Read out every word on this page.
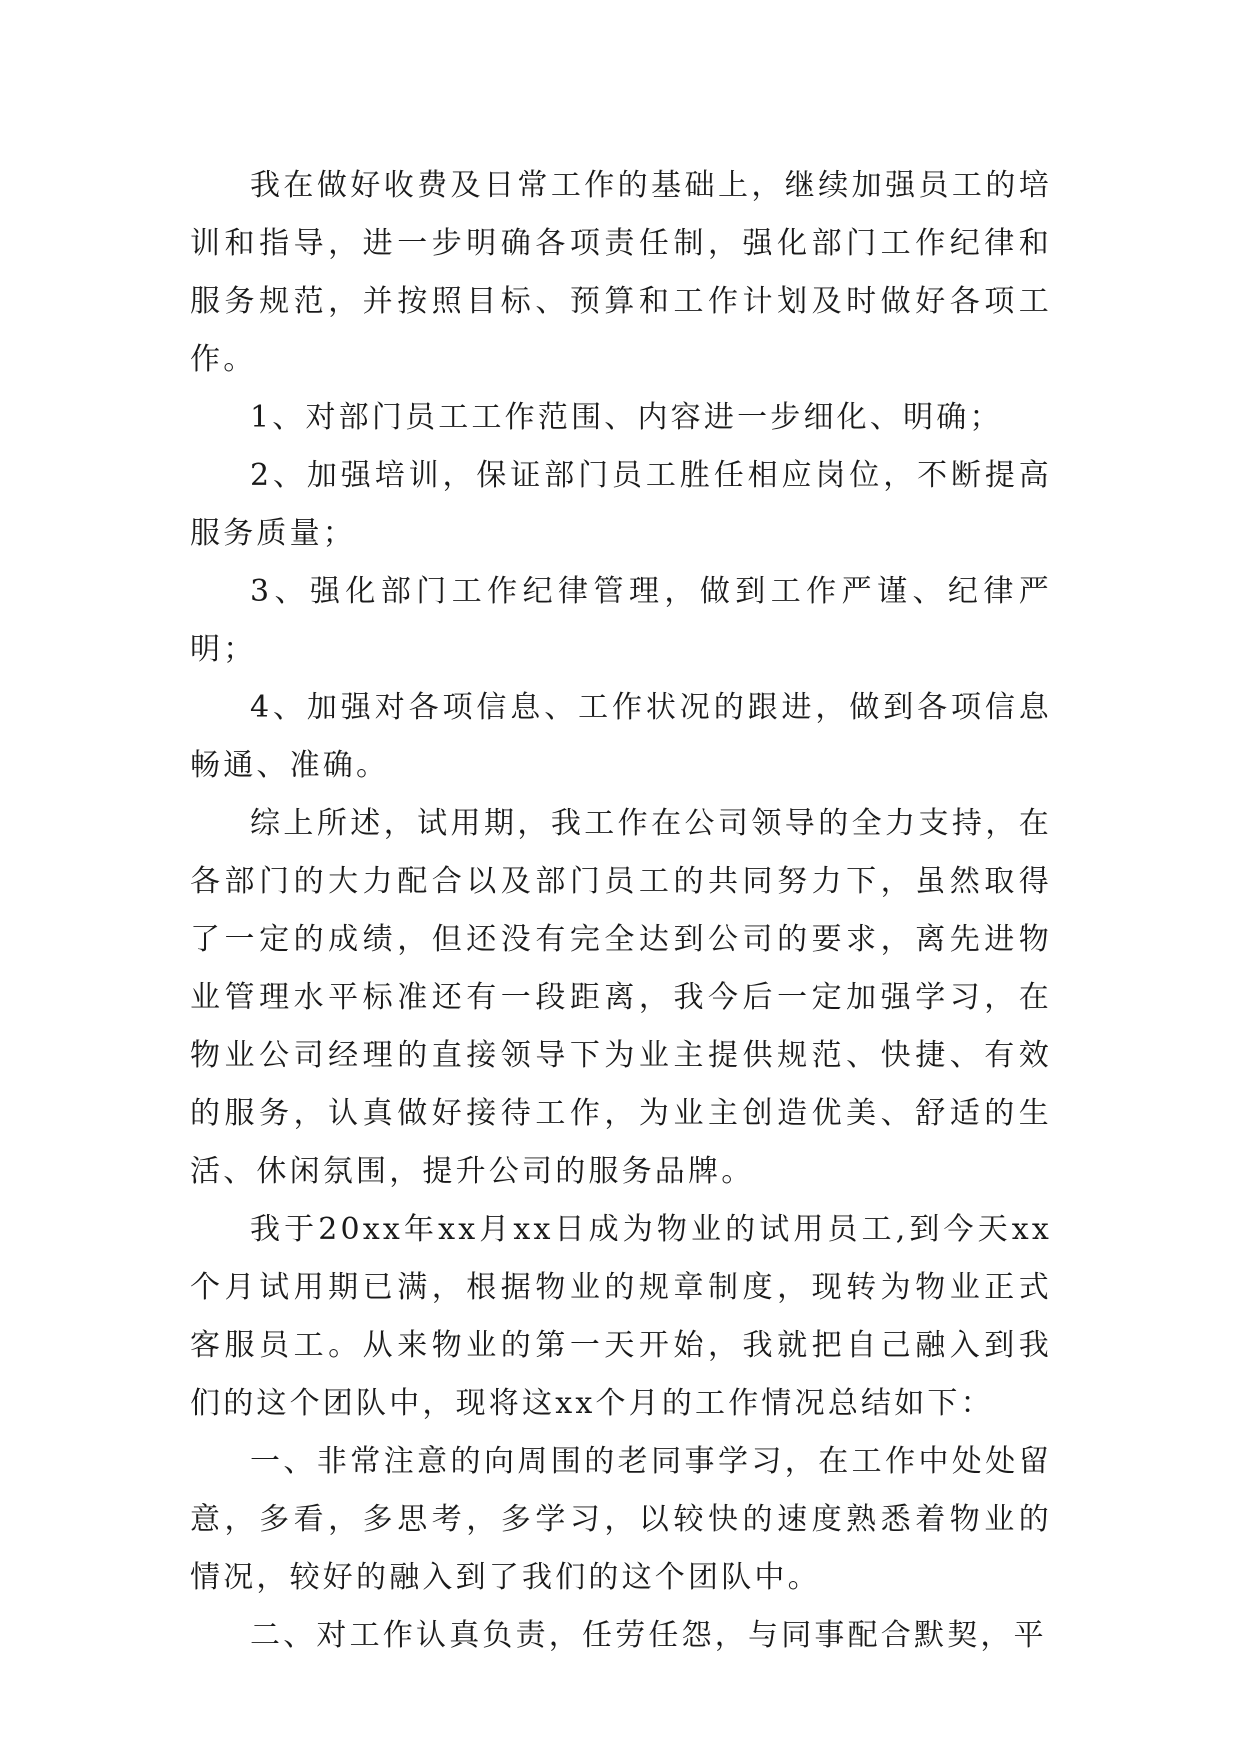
我在做好收费及日常工作的基础上，继续加强员工的培训和指导，进一步明确各项责任制，强化部门工作纪律和服务规范，并按照目标、预算和工作计划及时做好各项工作。

1、对部门员工工作范围、内容进一步细化、明确；

2、加强培训，保证部门员工胜任相应岗位，不断提高服务质量；

3、强化部门工作纪律管理，做到工作严谨、纪律严明；

4、加强对各项信息、工作状况的跟进，做到各项信息畅通、准确。

综上所述，试用期，我工作在公司领导的全力支持，在各部门的大力配合以及部门员工的共同努力下，虽然取得了一定的成绩，但还没有完全达到公司的要求，离先进物业管理水平标准还有一段距离，我今后一定加强学习，在物业公司经理的直接领导下为业主提供规范、快捷、有效的服务，认真做好接待工作，为业主创造优美、舒适的生活、休闲氛围，提升公司的服务品牌。

我于20xx年xx月xx日成为物业的试用员工,到今天xx个月试用期已满，根据物业的规章制度，现转为物业正式客服员工。从来物业的第一天开始，我就把自己融入到我们的这个团队中，现将这xx个月的工作情况总结如下：

一、非常注意的向周围的老同事学习，在工作中处处留意，多看，多思考，多学习，以较快的速度熟悉着物业的情况，较好的融入到了我们的这个团队中。

二、对工作认真负责，任劳任怨，与同事配合默契，平
